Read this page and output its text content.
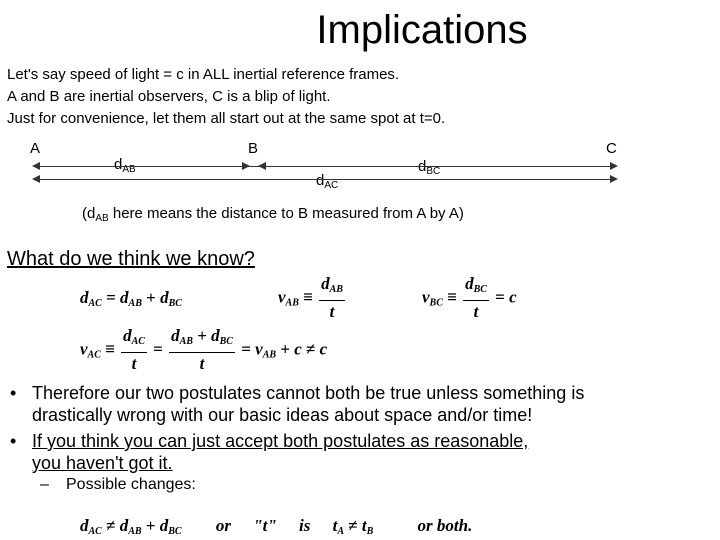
Implications
Let's say speed of light = c in ALL inertial reference frames.
A and B are inertial observers, C is a blip of light.
Just for convenience, let them all start out at the same spot at t=0.
A	B	C
$d_{AB}$	$d_{BC}$
$d_{AC}$
($d_{AB}$ here means the distance to B measured from A by A)
What do we think we know?
$d_{AC} = d_{AB} + d_{BC}$	$v_{AB} \equiv \frac{d_{AB}}{t}$	$v_{BC} \equiv \frac{d_{BC}}{t} = c$
$v_{AC} \equiv \frac{d_{AC}}{t} = \frac{d_{AB} + d_{BC}}{t} = v_{AB} + c \ne c$
• Therefore our two postulates cannot both be true unless something is
drastically wrong with our basic ideas about space and/or time!
• If you think you can just accept both postulates as reasonable,
you haven't got it.
– Possible changes:
$d_{AC} \ne d_{AB} + d_{BC}$ or "t" is $t_A \ne t_B$	or both.
